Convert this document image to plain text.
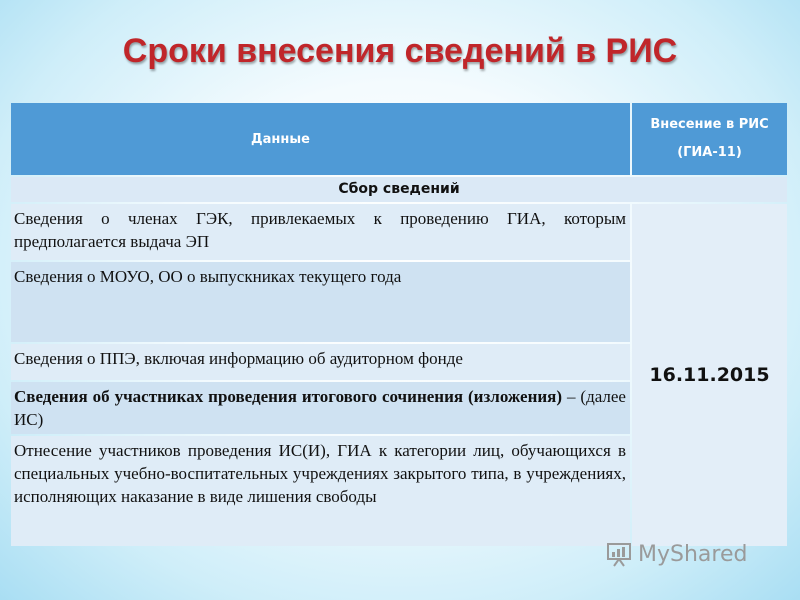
Сроки внесения сведений в РИС
Данные
Внесение в РИС
(ГИА-11)
Сбор сведений
Сведения о членах ГЭК, привлекаемых к проведению ГИА, которым предполагается выдача ЭП
Сведения о МОУО, ОО о выпускниках текущего года
Сведения о ППЭ, включая информацию об аудиторном фонде
Сведения об участниках проведения итогового сочинения (изложения) – (далее ИС)
Отнесение участников проведения ИС(И), ГИА к категории лиц, обучающихся в специальных учебно-воспитательных учреждениях закрытого типа, в учреждениях, исполняющих наказание в виде лишения свободы
16.11.2015
MyShared
